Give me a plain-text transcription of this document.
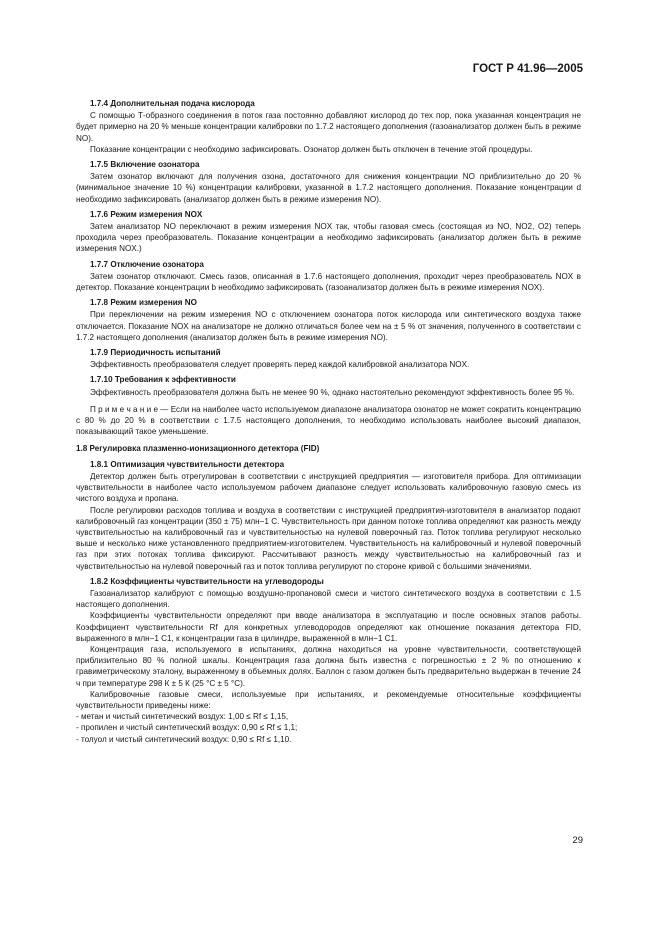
ГОСТ Р 41.96—2005

1.7.4 Дополнительная подача кислорода

С помощью Т-образного соединения в поток газа постоянно добавляют кислород до тех пор, пока указанная концентрация не будет примерно на 20 % меньше концентрации калибровки по 1.7.2 настоящего дополнения (газоанализатор должен быть в режиме NO).

Показание концентрации с необходимо зафиксировать. Озонатор должен быть отключен в течение этой процедуры.

1.7.5 Включение озонатора

Затем озонатор включают для получения озона, достаточного для снижения концентрации NO приблизительно до 20 % (минимальное значение 10 %) концентрации калибровки, указанной в 1.7.2 настоящего дополнения. Показание концентрации d необходимо зафиксировать (анализатор должен быть в режиме измерения NO).

1.7.6 Режим измерения NOX

Затем анализатор NO переключают в режим измерения NOX так, чтобы газовая смесь (состоящая из NO, NO2, O2) теперь проходила через преобразователь. Показание концентрации a необходимо зафиксировать (анализатор должен быть в режиме измерения NOX.)

1.7.7 Отключение озонатора

Затем озонатор отключают. Смесь газов, описанная в 1.7.6 настоящего дополнения, проходит через преобразователь NOX в детектор. Показание концентрации b необходимо зафиксировать (газоанализатор должен быть в режиме измерения NOX).

1.7.8 Режим измерения NO

При переключении на режим измерения NO с отключением озонатора поток кислорода или синтетического воздуха также отключается. Показание NOX на анализаторе не должно отличаться более чем на ± 5 % от значения, полученного в соответствии с 1.7.2 настоящего дополнения (анализатор должен быть в режиме измерения NO).

1.7.9 Периодичность испытаний

Эффективность преобразователя следует проверять перед каждой калибровкой анализатора NOX.

1.7.10 Требования к эффективности

Эффективность преобразователя должна быть не менее 90 %, однако настоятельно рекомендуют эффективность более 95 %.

П р и м е ч а н и е — Если на наиболее часто используемом диапазоне анализатора озонатор не может сократить концентрацию с 80 % до 20 % в соответствии с 1.7.5 настоящего дополнения, то необходимо использовать наиболее высокий диапазон, показывающий такое уменьшение.

1.8 Регулировка плазменно-ионизационного детектора (FID)

1.8.1 Оптимизация чувствительности детектора

Детектор должен быть отрегулирован в соответствии с инструкцией предприятия — изготовителя прибора. Для оптимизации чувствительности в наиболее часто используемом рабочем диапазоне следует использовать калибровочную газовую смесь из чистого воздуха и пропана.

После регулировки расходов топлива и воздуха в соответствии с инструкцией предприятия-изготовителя в анализатор подают калибровочный газ концентрации (350 ± 75) млн−1 С. Чувствительность при данном потоке топлива определяют как разность между чувствительностью на калибровочный газ и чувствительностью на нулевой поверочный газ. Поток топлива регулируют несколько выше и несколько ниже установленного предприятием-изготовителем. Чувствительность на калибровочный и нулевой поверочный газ при этих потоках топлива фиксируют. Рассчитывают разность между чувствительностью на калибровочный газ и чувствительностью на нулевой поверочный газ и поток топлива регулируют по стороне кривой с большими значениями.

1.8.2 Коэффициенты чувствительности на углеводороды

Газоанализатор калибруют с помощью воздушно-пропановой смеси и чистого синтетического воздуха в соответствии с 1.5 настоящего дополнения.

Коэффициенты чувствительности определяют при вводе анализатора в эксплуатацию и после основных этапов работы. Коэффициент чувствительности Rf для конкретных углеводородов определяют как отношение показания детектора FID, выраженного в млн−1 С1, к концентрации газа в цилиндре, выраженной в млн−1 С1.

Концентрация газа, используемого в испытаниях, должна находиться на уровне чувствительности, соответствующей приблизительно 80 % полной шкалы. Концентрация газа должна быть известна с погрешностью ± 2 % по отношению к гравиметрическому эталону, выраженному в объемных долях. Баллон с газом должен быть предварительно выдержан в течение 24 ч при температуре 298 К ± 5 К (25 °С ± 5 °С).

Калибровочные газовые смеси, используемые при испытаниях, и рекомендуемые относительные коэффициенты чувствительности приведены ниже:

- метан и чистый синтетический воздух: 1,00 ≤ Rf ≤ 1,15,

- пропилен и чистый синтетический воздух: 0,90 ≤ Rf ≤ 1,1;

- толуол и чистый синтетический воздух: 0,90 ≤ Rf ≤ 1,10.

29
